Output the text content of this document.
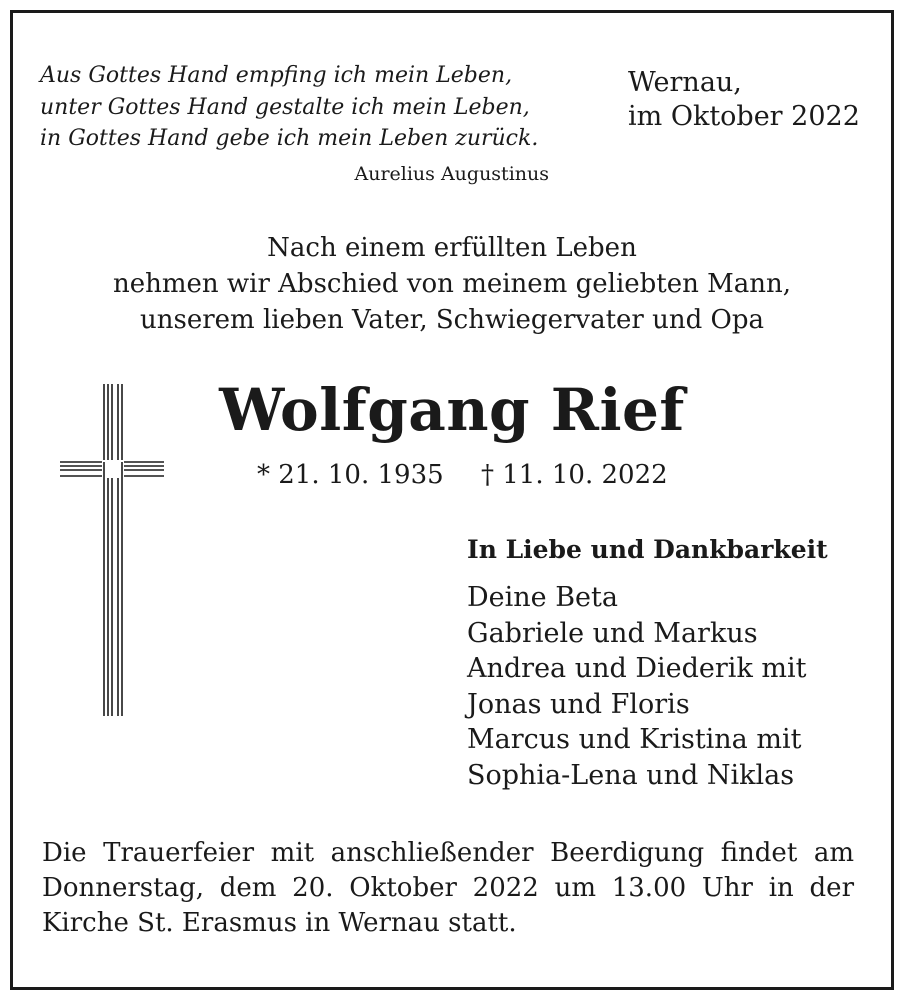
Aus Gottes Hand empfing ich mein Leben,
unter Gottes Hand gestalte ich mein Leben,
in Gottes Hand gebe ich mein Leben zurück.
Aurelius Augustinus
Wernau,
im Oktober 2022
Nach einem erfüllten Leben
nehmen wir Abschied von meinem geliebten Mann,
unserem lieben Vater, Schwiegervater und Opa
Wolfgang Rief
* 21. 10. 1935 † 11. 10. 2022
In Liebe und Dankbarkeit
Deine Beta
Gabriele und Markus
Andrea und Diederik mit
Jonas und Floris
Marcus und Kristina mit
Sophia-Lena und Niklas
Die Trauerfeier mit anschließender Beerdigung findet am
Donnerstag, dem 20. Oktober 2022 um 13.00 Uhr in der
Kirche St. Erasmus in Wernau statt.
